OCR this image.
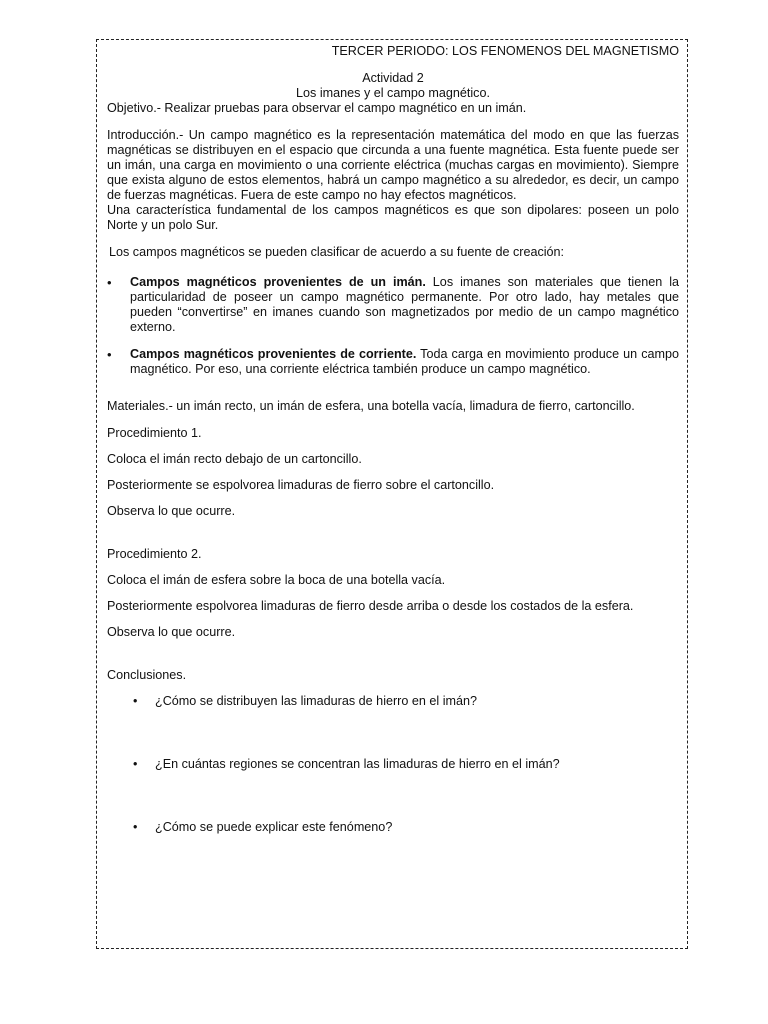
TERCER PERIODO: LOS FENOMENOS DEL MAGNETISMO

Actividad 2

Los imanes y el campo magnético.

Objetivo.- Realizar pruebas para observar el campo magnético en un imán.

Introducción.- Un campo magnético es la representación matemática del modo en que las fuerzas magnéticas se distribuyen en el espacio que circunda a una fuente magnética. Esta fuente puede ser un imán, una carga en movimiento o una corriente eléctrica (muchas cargas en movimiento). Siempre que exista alguno de estos elementos, habrá un campo magnético a su alrededor, es decir, un campo de fuerzas magnéticas. Fuera de este campo no hay efectos magnéticos.

Una característica fundamental de los campos magnéticos es que son dipolares: poseen un polo Norte y un polo Sur.

Los campos magnéticos se pueden clasificar de acuerdo a su fuente de creación:

•	Campos magnéticos provenientes de un imán. Los imanes son materiales que tienen la particularidad de poseer un campo magnético permanente. Por otro lado, hay metales que pueden “convertirse” en imanes cuando son magnetizados por medio de un campo magnético externo.
•	Campos magnéticos provenientes de corriente. Toda carga en movimiento produce un campo magnético. Por eso, una corriente eléctrica también produce un campo magnético.

Materiales.- un imán recto, un imán de esfera, una botella vacía, limadura de fierro, cartoncillo.

Procedimiento 1.

Coloca el imán recto debajo de un cartoncillo.

Posteriormente se espolvorea limaduras de fierro sobre el cartoncillo.

Observa lo que ocurre.

Procedimiento 2.

Coloca el imán de esfera sobre la boca de una botella vacía.

Posteriormente espolvorea limaduras de fierro desde arriba o desde los costados de la esfera.

Observa lo que ocurre.

Conclusiones.

• ¿Cómo se distribuyen las limaduras de hierro en el imán?
• ¿En cuántas regiones se concentran las limaduras de hierro en el imán?
• ¿Cómo se puede explicar este fenómeno?
